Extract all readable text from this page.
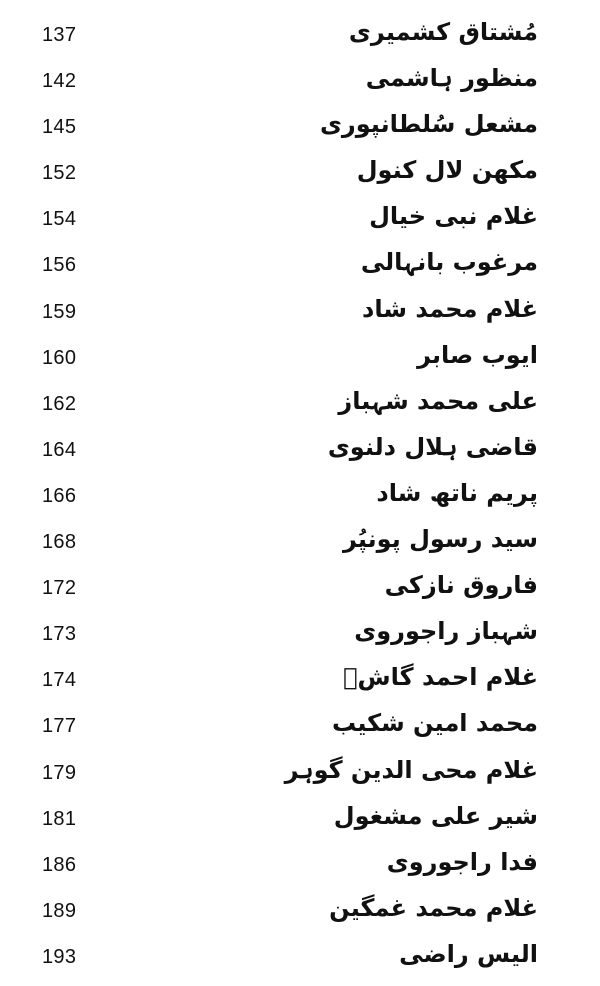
137	مُشتاق کشمیری
142	منظور ہاشمی
145	مشعل سُلطانپوری
152	مکھن لال کنول
154	غلام نبی خیال
156	مرغوب بانہالی
159	غلام محمد شاد
160	ایوب صابر
162	علی محمد شہباز
164	قاضی ہلال دلنوی
166	پریم ناتھ شاد
168	سید رسول پونپُر
172	فاروق نازکی
173	شہباز راجوروی
174	غلام احمد گاشؔ
177	محمد امین شکیب
179	غلام محی الدین گوہر
181	شیر علی مشغول
186	فدا راجوروی
189	غلام محمد غمگین
193	الیس راضی
